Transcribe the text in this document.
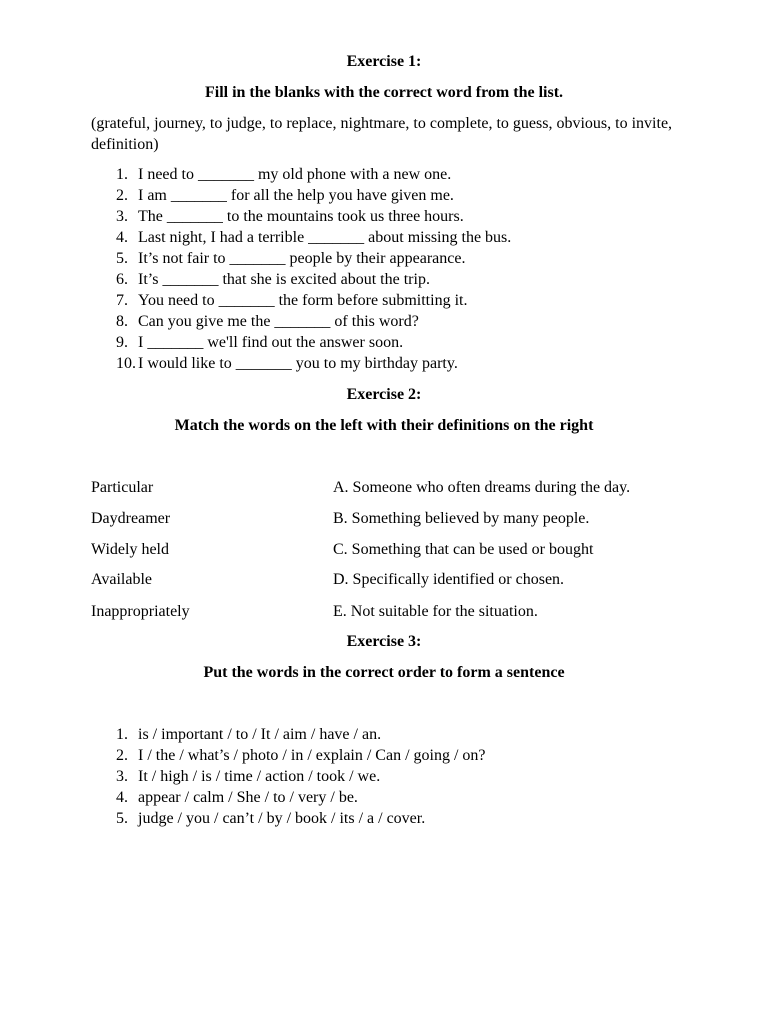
Exercise 1:

Fill in the blanks with the correct word from the list.

(grateful, journey, to judge, to replace, nightmare, to complete, to guess, obvious, to invite, definition)

1. I need to _______ my old phone with a new one.
2. I am _______ for all the help you have given me.
3. The _______ to the mountains took us three hours.
4. Last night, I had a terrible _______ about missing the bus.
5. It’s not fair to _______ people by their appearance.
6. It’s _______ that she is excited about the trip.
7. You need to _______ the form before submitting it.
8. Can you give me the _______ of this word?
9. I _______ we'll find out the answer soon.
10. I would like to _______ you to my birthday party.

Exercise 2:

Match the words on the left with their definitions on the right

Particular	A. Someone who often dreams during the day.
Daydreamer	B. Something believed by many people.
Widely held	C. Something that can be used or bought
Available	D. Specifically identified or chosen.
Inappropriately	E. Not suitable for the situation.

Exercise 3:

Put the words in the correct order to form a sentence

1. is / important / to / It / aim / have / an.
2. I / the / what’s / photo / in / explain / Can / going / on?
3. It / high / is / time / action / took / we.
4. appear / calm / She / to / very / be.
5. judge / you / can’t / by / book / its / a / cover.
